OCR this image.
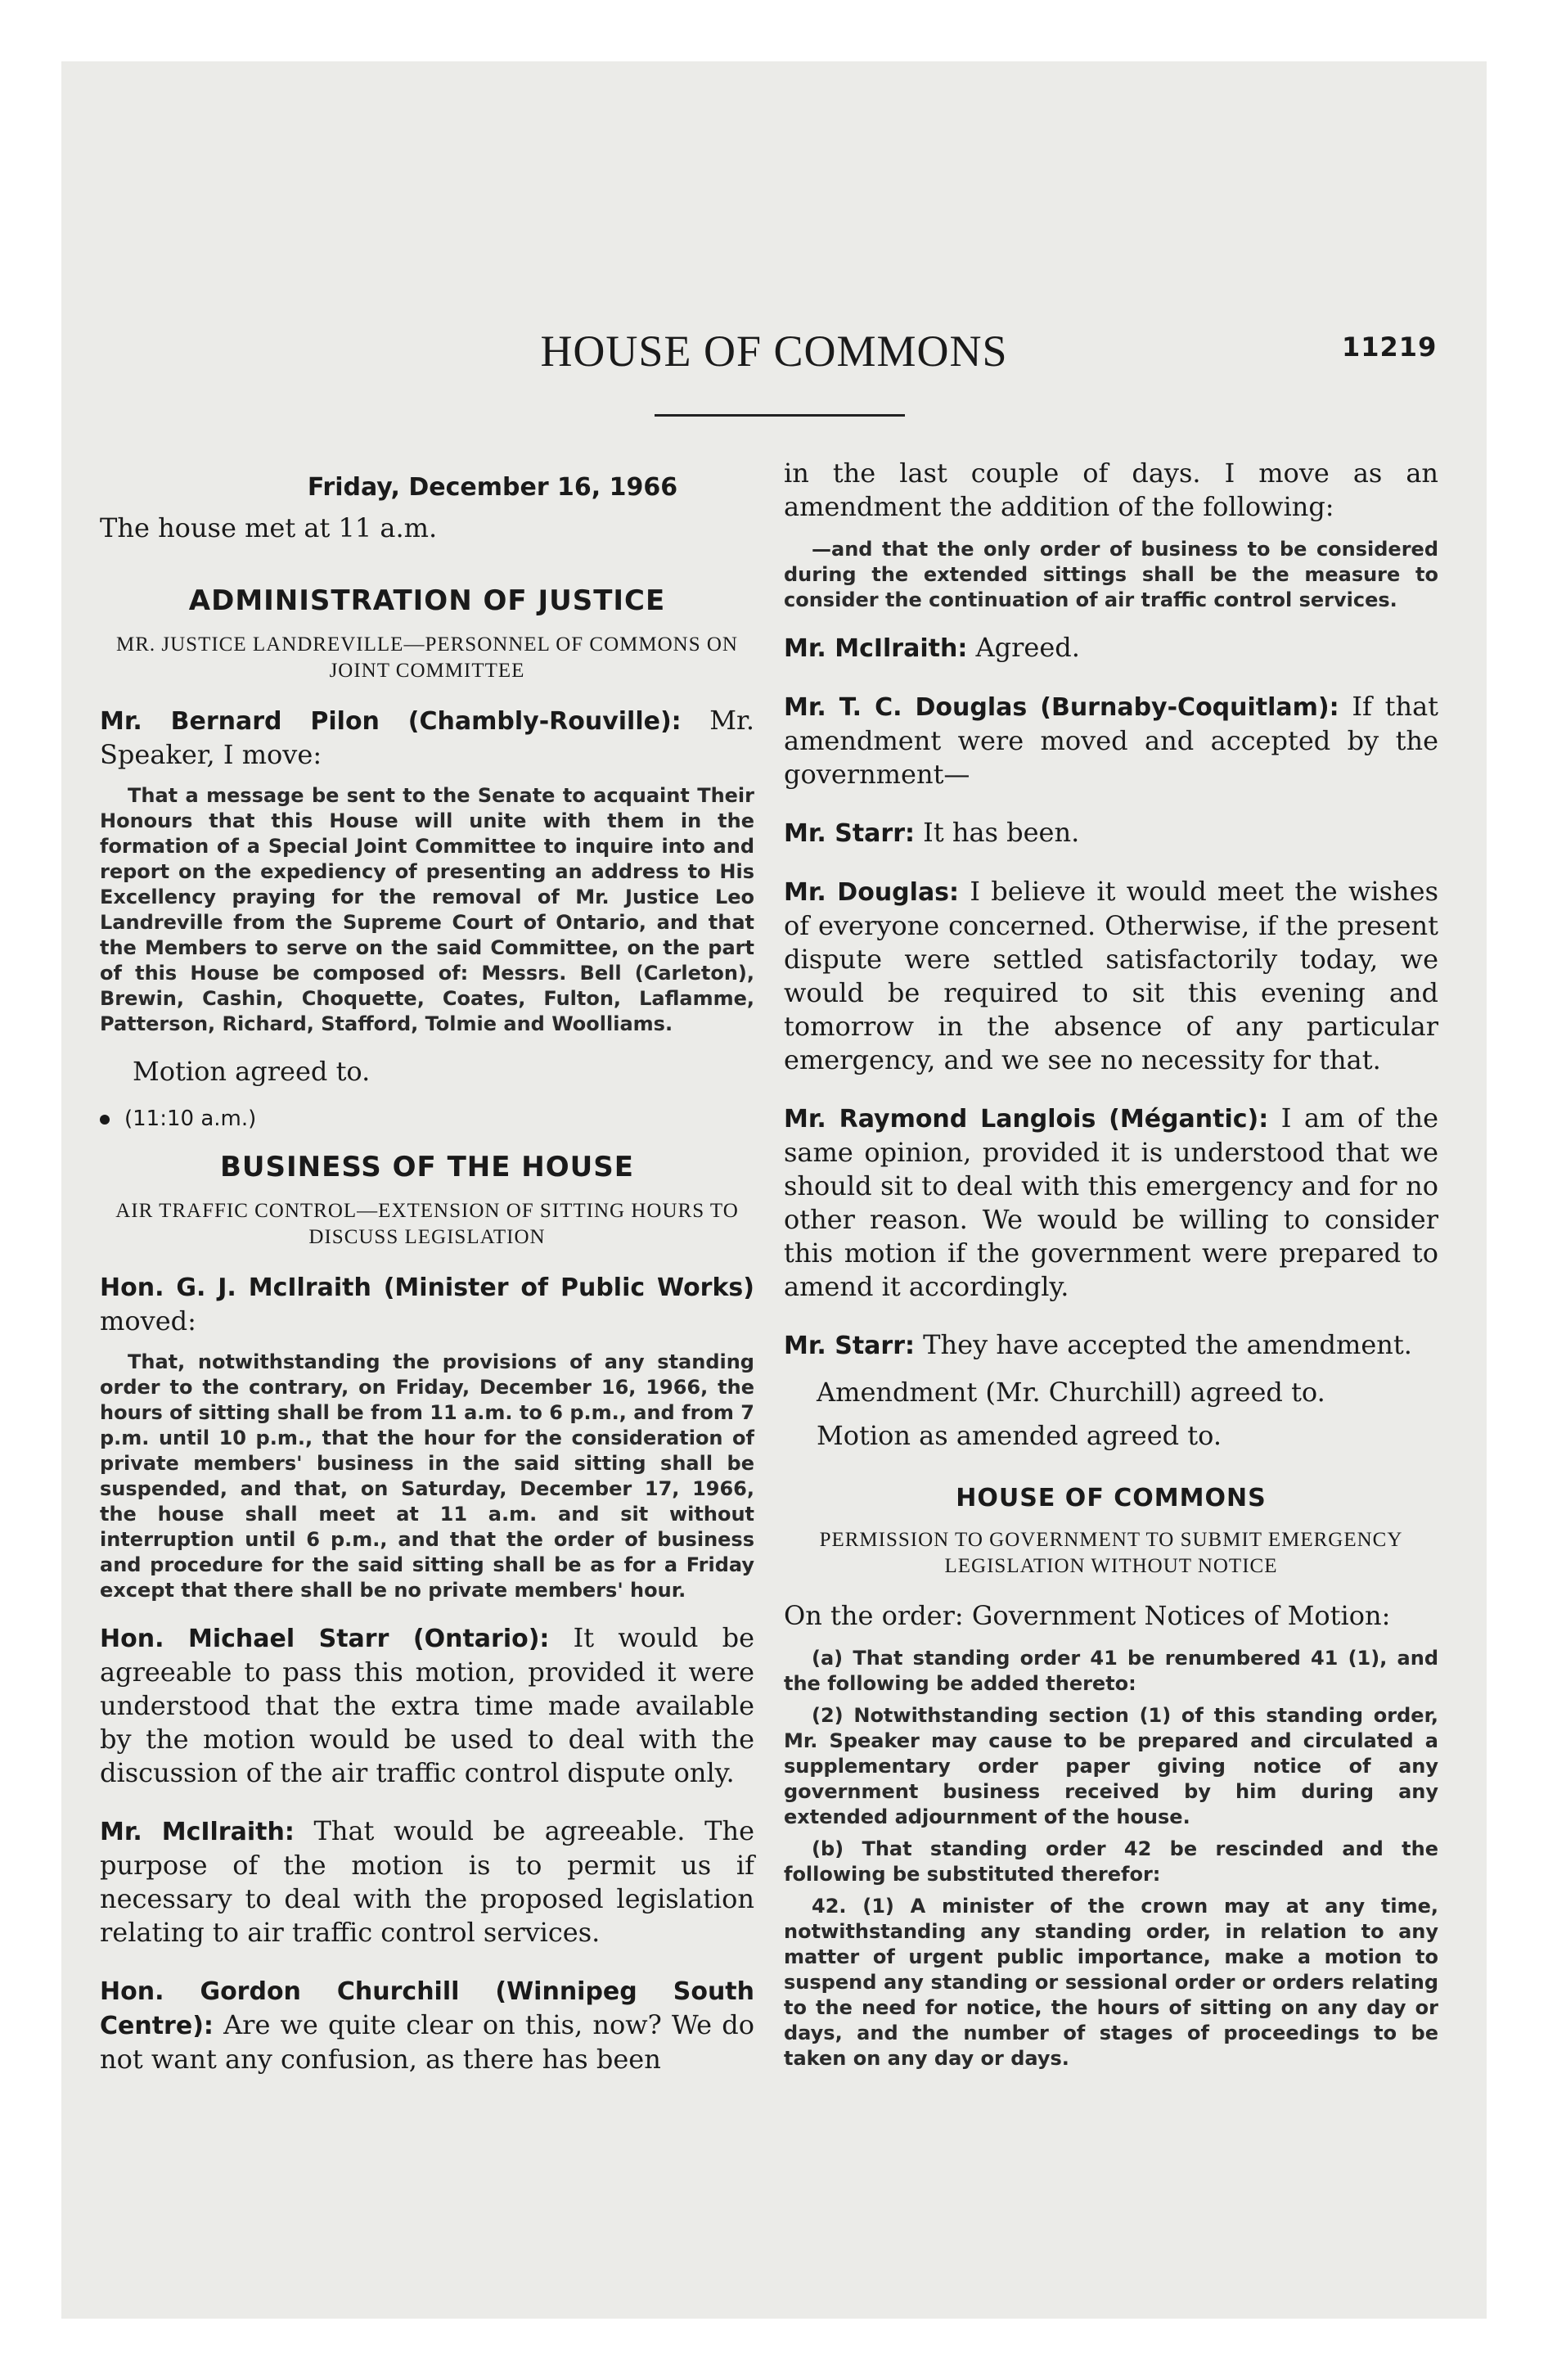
11219
HOUSE OF COMMONS
Friday, December 16, 1966

The house met at 11 a.m.

ADMINISTRATION OF JUSTICE
MR. JUSTICE LANDREVILLE—PERSONNEL OF COMMONS ON JOINT COMMITTEE

Mr. Bernard Pilon (Chambly-Rouville): Mr. Speaker, I move:

That a message be sent to the Senate to acquaint Their Honours that this House will unite with them in the formation of a Special Joint Committee to inquire into and report on the expediency of presenting an address to His Excellency praying for the removal of Mr. Justice Leo Landreville from the Supreme Court of Ontario, and that the Members to serve on the said Committee, on the part of this House be composed of: Messrs. Bell (Carleton), Brewin, Cashin, Choquette, Coates, Fulton, Laflamme, Patterson, Richard, Stafford, Tolmie and Woolliams.

Motion agreed to.

(11:10 a.m.)

BUSINESS OF THE HOUSE
AIR TRAFFIC CONTROL—EXTENSION OF SITTING HOURS TO DISCUSS LEGISLATION

Hon. G. J. McIlraith (Minister of Public Works) moved:

That, notwithstanding the provisions of any standing order to the contrary, on Friday, December 16, 1966, the hours of sitting shall be from 11 a.m. to 6 p.m., and from 7 p.m. until 10 p.m., that the hour for the consideration of private members' business in the said sitting shall be suspended, and that, on Saturday, December 17, 1966, the house shall meet at 11 a.m. and sit without interruption until 6 p.m., and that the order of business and procedure for the said sitting shall be as for a Friday except that there shall be no private members' hour.

Hon. Michael Starr (Ontario): It would be agreeable to pass this motion, provided it were understood that the extra time made available by the motion would be used to deal with the discussion of the air traffic control dispute only.

Mr. McIlraith: That would be agreeable. The purpose of the motion is to permit us if necessary to deal with the proposed legislation relating to air traffic control services.

Hon. Gordon Churchill (Winnipeg South Centre): Are we quite clear on this, now? We do not want any confusion, as there has been

in the last couple of days. I move as an amendment the addition of the following:

—and that the only order of business to be considered during the extended sittings shall be the measure to consider the continuation of air traffic control services.

Mr. McIlraith: Agreed.

Mr. T. C. Douglas (Burnaby-Coquitlam): If that amendment were moved and accepted by the government—

Mr. Starr: It has been.

Mr. Douglas: I believe it would meet the wishes of everyone concerned. Otherwise, if the present dispute were settled satisfactorily today, we would be required to sit this evening and tomorrow in the absence of any particular emergency, and we see no necessity for that.

Mr. Raymond Langlois (Mégantic): I am of the same opinion, provided it is understood that we should sit to deal with this emergency and for no other reason. We would be willing to consider this motion if the government were prepared to amend it accordingly.

Mr. Starr: They have accepted the amendment.

Amendment (Mr. Churchill) agreed to.

Motion as amended agreed to.

HOUSE OF COMMONS
PERMISSION TO GOVERNMENT TO SUBMIT EMERGENCY LEGISLATION WITHOUT NOTICE

On the order: Government Notices of Motion:

(a) That standing order 41 be renumbered 41 (1), and the following be added thereto:

(2) Notwithstanding section (1) of this standing order, Mr. Speaker may cause to be prepared and circulated a supplementary order paper giving notice of any government business received by him during any extended adjournment of the house.

(b) That standing order 42 be rescinded and the following be substituted therefor:

42. (1) A minister of the crown may at any time, notwithstanding any standing order, in relation to any matter of urgent public importance, make a motion to suspend any standing or sessional order or orders relating to the need for notice, the hours of sitting on any day or days, and the number of stages of proceedings to be taken on any day or days.
